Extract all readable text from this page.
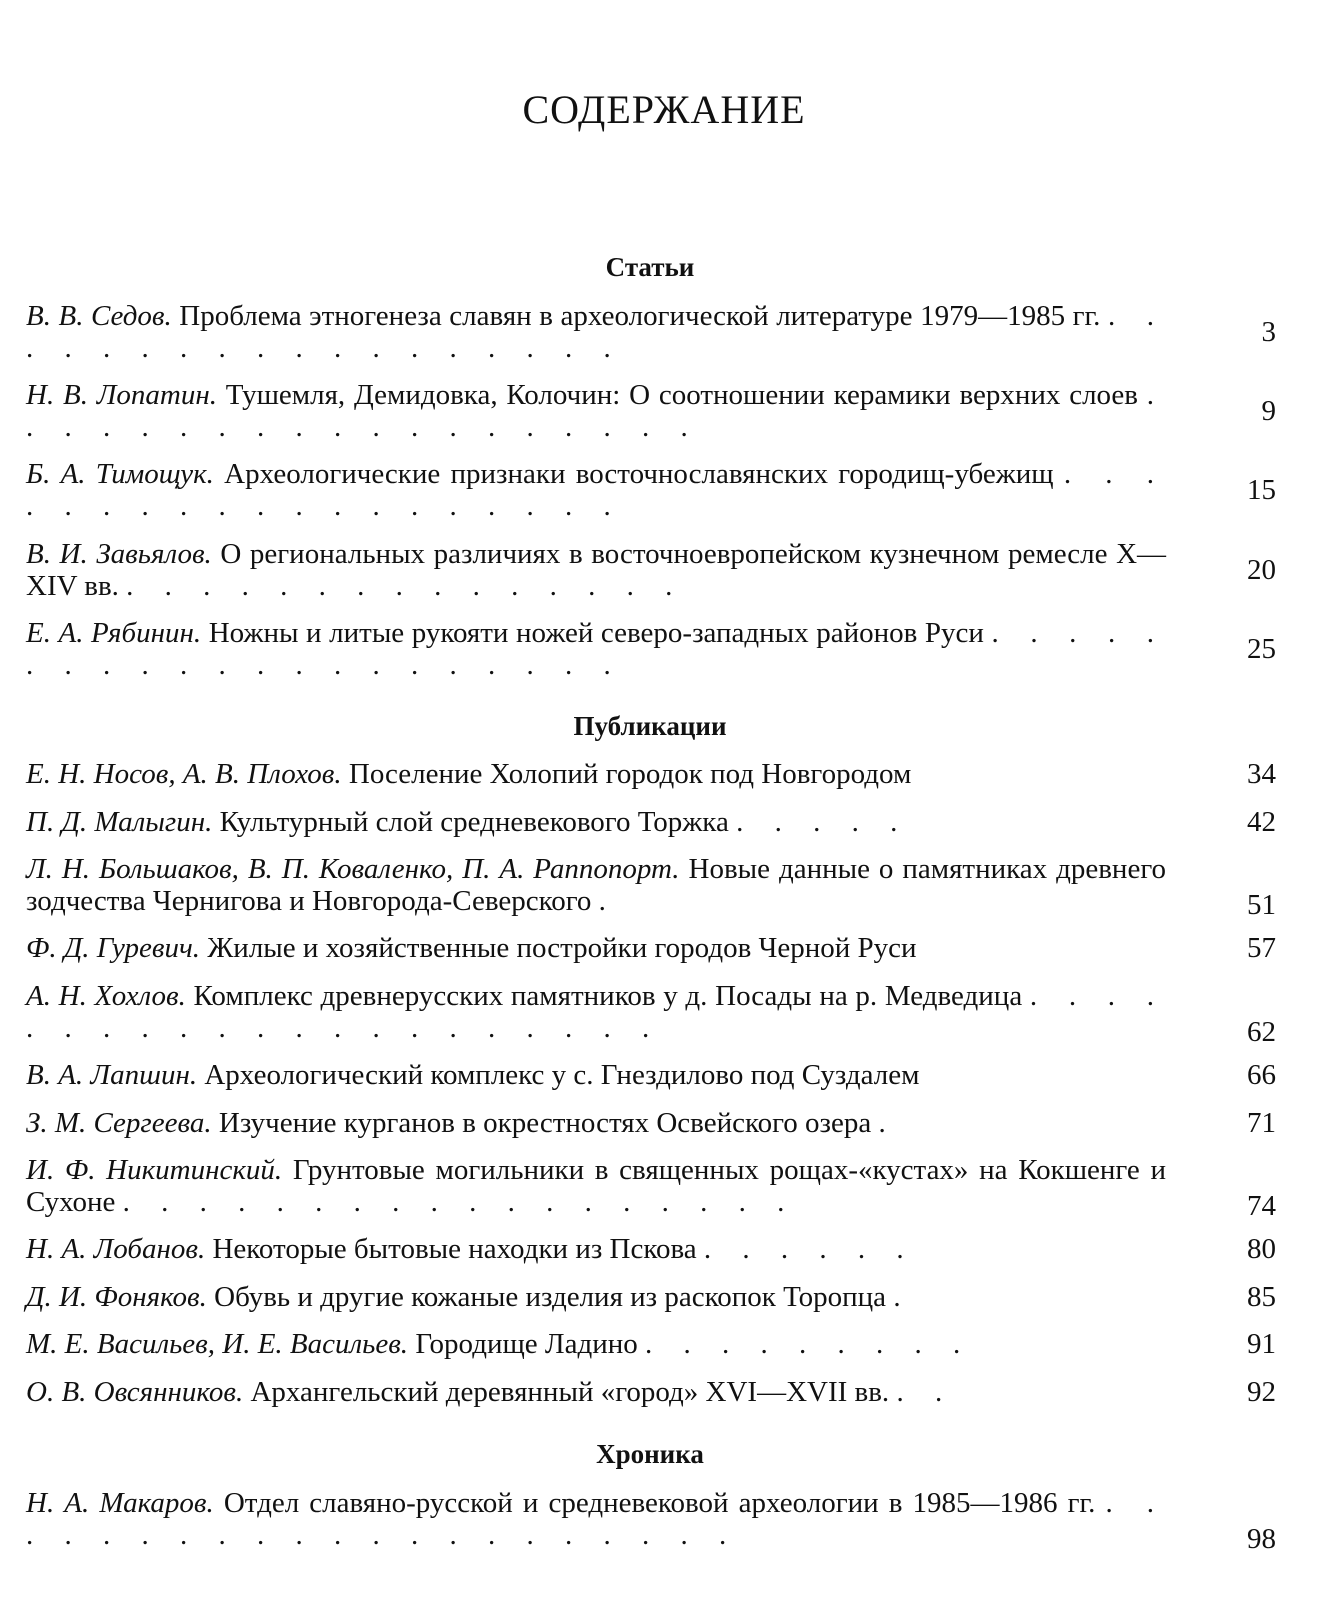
СОДЕРЖАНИЕ
Статьи
В. В. Седов. Проблема этногенеза славян в археологической литературе 1979—1985 гг. . . . . . . . . . . . . . . . . . .	3
Н. В. Лопатин. Тушемля, Демидовка, Колочин: О соотношении керамики верхних слоев . . . . . . . . . . . . . . . . . . .	9
Б. А. Тимощук. Археологические признаки восточнославянских городищ-убежищ . . . . . . . . . . . . . . . . . . .	15
В. И. Завьялов. О региональных различиях в восточноевропейском кузнечном ремесле X—XIV вв. . . . . . . . . . . . . . . .	20
Е. А. Рябинин. Ножны и литые рукояти ножей северо-западных районов Руси . . . . . . . . . . . . . . . . . . . . .	25
Публикации
Е. Н. Носов, А. В. Плохов. Поселение Холопий городок под Новгородом	34
П. Д. Малыгин. Культурный слой средневекового Торжка . . . . .	42
Л. Н. Большаков, В. П. Коваленко, П. А. Раппопорт. Новые данные о памятниках древнего зодчества Чернигова и Новгорода-Северского .	51
Ф. Д. Гуревич. Жилые и хозяйственные постройки городов Черной Руси	57
А. Н. Хохлов. Комплекс древнерусских памятников у д. Посады на р. Медведица . . . . . . . . . . . . . . . . . . . . .	62
В. А. Лапшин. Археологический комплекс у с. Гнездилово под Суздалем	66
З. М. Сергеева. Изучение курганов в окрестностях Освейского озера .	71
И. Ф. Никитинский. Грунтовые могильники в священных рощах-«кустах» на Кокшенге и Сухоне . . . . . . . . . . . . . . . . . .	74
Н. А. Лобанов. Некоторые бытовые находки из Пскова . . . . . .	80
Д. И. Фоняков. Обувь и другие кожаные изделия из раскопок Торопца .	85
М. Е. Васильев, И. Е. Васильев. Городище Ладино . . . . . . . . .	91
О. В. Овсянников. Архангельский деревянный «город» XVI—XVII вв. . .	92
Хроника
Н. А. Макаров. Отдел славяно-русской и средневековой археологии в 1985—1986 гг. . . . . . . . . . . . . . . . . . . . . .	98
